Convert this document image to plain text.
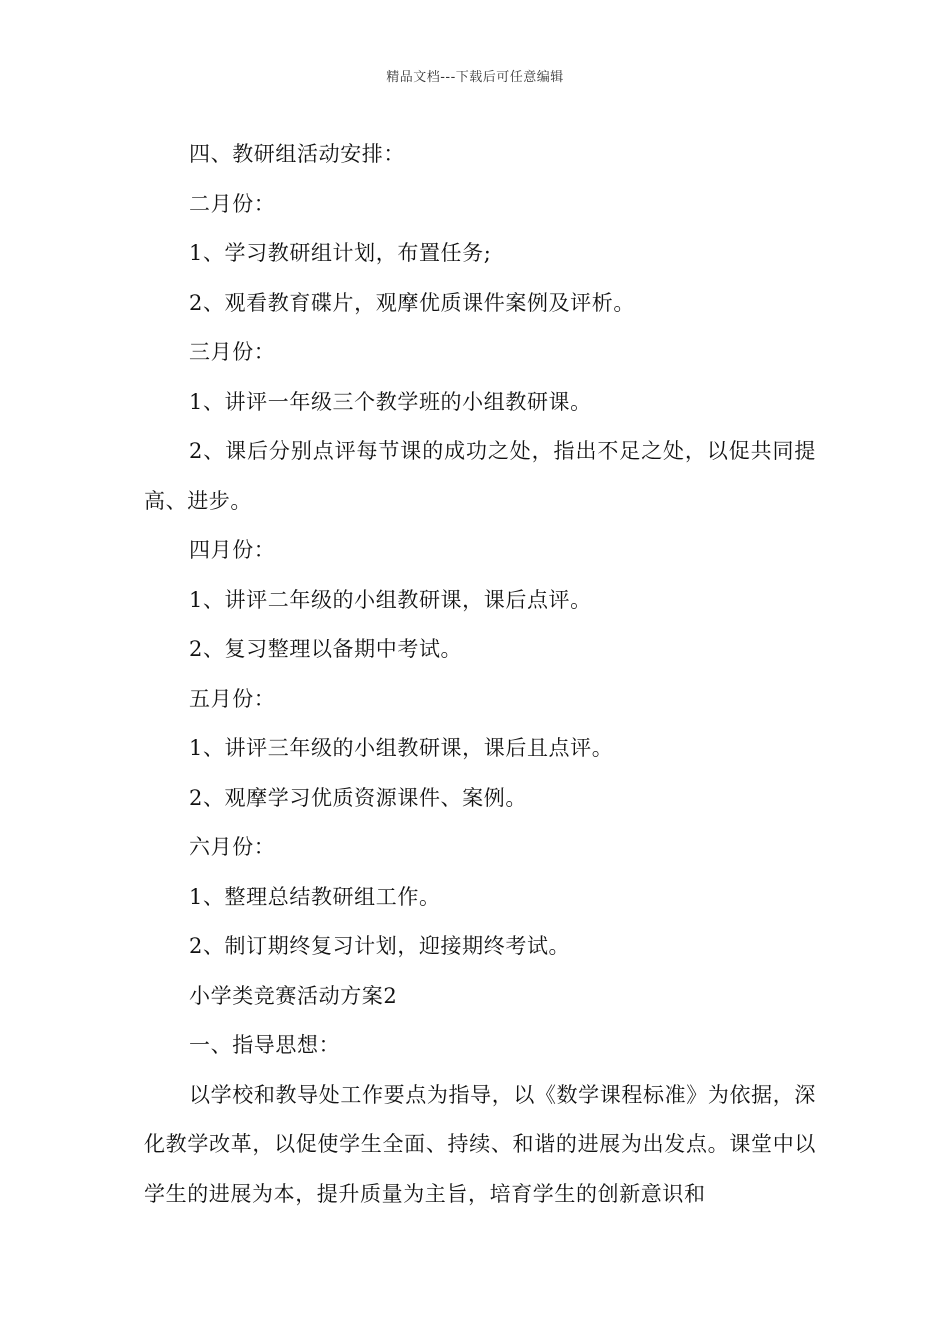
精品文档---下载后可任意编辑
四、教研组活动安排：
二月份：
1、学习教研组计划，布置任务;
2、观看教育碟片，观摩优质课件案例及评析。
三月份：
1、讲评一年级三个教学班的小组教研课。
2、课后分别点评每节课的成功之处，指出不足之处，以促共同提高、进步。
四月份：
1、讲评二年级的小组教研课，课后点评。
2、复习整理以备期中考试。
五月份：
1、讲评三年级的小组教研课，课后且点评。
2、观摩学习优质资源课件、案例。
六月份：
1、整理总结教研组工作。
2、制订期终复习计划，迎接期终考试。
小学类竞赛活动方案2
一、指导思想：
以学校和教导处工作要点为指导，以《数学课程标准》为依据，深化教学改革，以促使学生全面、持续、和谐的进展为出发点。课堂中以学生的进展为本，提升质量为主旨，培育学生的创新意识和
